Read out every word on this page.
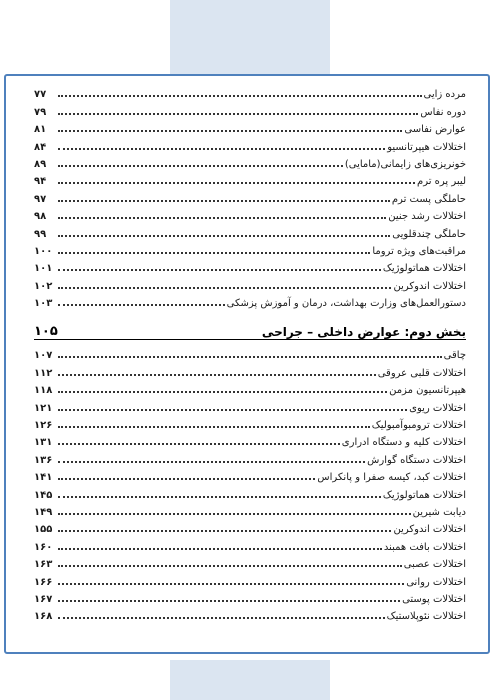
مرده زایی
۷۷
دوره نفاس
۷۹
عوارض نفاسی
۸۱
اختلالات هیپرتانسیو
۸۴
خونریزی‌های زایمانی(مامایی)
۸۹
لیبر پره ترم
۹۴
حاملگی پست ترم
۹۷
اختلالات رشد جنین
۹۸
حاملگی چندقلویی
۹۹
مراقبت‌های ویژه تروما
۱۰۰
اختلالات هماتولوژیک
۱۰۱
اختلالات اندوکرین
۱۰۲
دستورالعمل‌های وزارت بهداشت، درمان و آموزش پزشکی
۱۰۳
بخش دوم: عوارض داخلی – جراحی
۱۰۵
چاقی
۱۰۷
اختلالات قلبی عروقی
۱۱۲
هیپرتانسیون مزمن
۱۱۸
اختلالات ریوی
۱۲۱
اختلالات ترومبوآمبولیک
۱۲۶
اختلالات کلیه و دستگاه ادراری
۱۳۱
اختلالات دستگاه گوارش
۱۳۶
اختلالات کبد، کیسه صفرا و پانکراس
۱۴۱
اختلالات هماتولوژیک
۱۴۵
دیابت شیرین
۱۴۹
اختلالات اندوکرین
۱۵۵
اختلالات بافت همبند
۱۶۰
اختلالات عصبی
۱۶۳
اختلالات روانی
۱۶۶
اختلالات پوستی
۱۶۷
اختلالات نئوپلاستیک
۱۶۸
